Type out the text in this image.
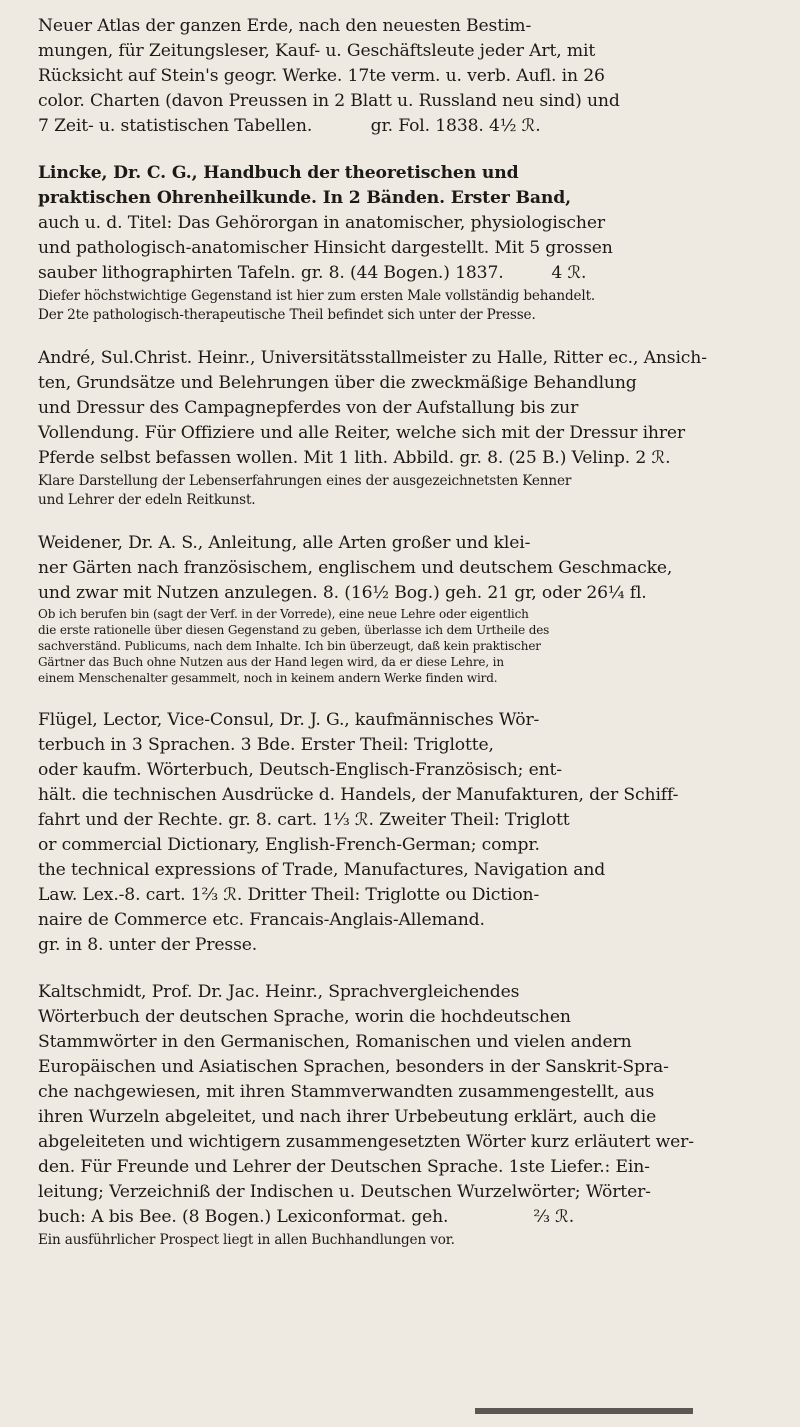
Neuer Atlas der ganzen Erde, nach den neuesten Bestim-

mungen, für Zeitungsleser, Kauf- u. Geschäftsleute jeder Art, mit

Rücksicht auf Stein's geogr. Werke. 17te verm. u. verb. Aufl. in 26

color. Charten (davon Preussen in 2 Blatt u. Russland neu sind) und

7 Zeit- u. statistischen Tabellen.           gr. Fol. 1838. 4½ ℛ.

Lincke, Dr. C. G., Handbuch der theoretischen und

praktischen Ohrenheilkunde. In 2 Bänden. Erster Band,

auch u. d. Titel: Das Gehörorgan in anatomischer, physiologischer

und pathologisch-anatomischer Hinsicht dargestellt. Mit 5 grossen

sauber lithographirten Tafeln. gr. 8. (44 Bogen.) 1837.         4 ℛ.

Diefer höchstwichtige Gegenstand ist hier zum ersten Male vollständig behandelt.

Der 2te pathologisch-therapeutische Theil befindet sich unter der Presse.

André, Sul.Christ. Heinr., Universitätsstallmeister zu Halle, Ritter ec., Ansich-

ten, Grundsätze und Belehrungen über die zweckmäßige Behandlung

und Dressur des Campagnepferdes von der Aufstallung bis zur

Vollendung. Für Offiziere und alle Reiter, welche sich mit der Dressur ihrer

Pferde selbst befassen wollen. Mit 1 lith. Abbild. gr. 8. (25 B.) Velinp. 2 ℛ.

Klare Darstellung der Lebenserfahrungen eines der ausgezeichnetsten Kenner

und Lehrer der edeln Reitkunst.

Weidener, Dr. A. S., Anleitung, alle Arten großer und klei-

ner Gärten nach französischem, englischem und deutschem Geschmacke,

und zwar mit Nutzen anzulegen. 8. (16½ Bog.) geh. 21 gr, oder 26¼ fl.

Ob ich berufen bin (sagt der Verf. in der Vorrede), eine neue Lehre oder eigentlich

die erste rationelle über diesen Gegenstand zu geben, überlasse ich dem Urtheile des

sachverständ. Publicums, nach dem Inhalte. Ich bin überzeugt, daß kein praktischer

Gärtner das Buch ohne Nutzen aus der Hand legen wird, da er diese Lehre, in

einem Menschenalter gesammelt, noch in keinem andern Werke finden wird.

Flügel, Lector, Vice-Consul, Dr. J. G., kaufmännisches Wör-

terbuch in 3 Sprachen. 3 Bde. Erster Theil: Triglotte,

oder kaufm. Wörterbuch, Deutsch-Englisch-Französisch; ent-

hält. die technischen Ausdrücke d. Handels, der Manufakturen, der Schiff-

fahrt und der Rechte. gr. 8. cart. 1⅓ ℛ. Zweiter Theil: Triglott

or commercial Dictionary, English-French-German; compr.

the technical expressions of Trade, Manufactures, Navigation and

Law. Lex.-8. cart. 1⅔ ℛ. Dritter Theil: Triglotte ou Diction-

naire de Commerce etc. Francais-Anglais-Allemand.

gr. in 8. unter der Presse.

Kaltschmidt, Prof. Dr. Jac. Heinr., Sprachvergleichendes

Wörterbuch der deutschen Sprache, worin die hochdeutschen

Stammwörter in den Germanischen, Romanischen und vielen andern

Europäischen und Asiatischen Sprachen, besonders in der Sanskrit-Spra-

che nachgewiesen, mit ihren Stammverwandten zusammengestellt, aus

ihren Wurzeln abgeleitet, und nach ihrer Urbebeutung erklärt, auch die

abgeleiteten und wichtigern zusammengesetzten Wörter kurz erläutert wer-

den. Für Freunde und Lehrer der Deutschen Sprache. 1ste Liefer.: Ein-

leitung; Verzeichniß der Indischen u. Deutschen Wurzelwörter; Wörter-

buch: A bis Bee. (8 Bogen.) Lexiconformat. geh.                ⅔ ℛ.

Ein ausführlicher Prospect liegt in allen Buchhandlungen vor.
